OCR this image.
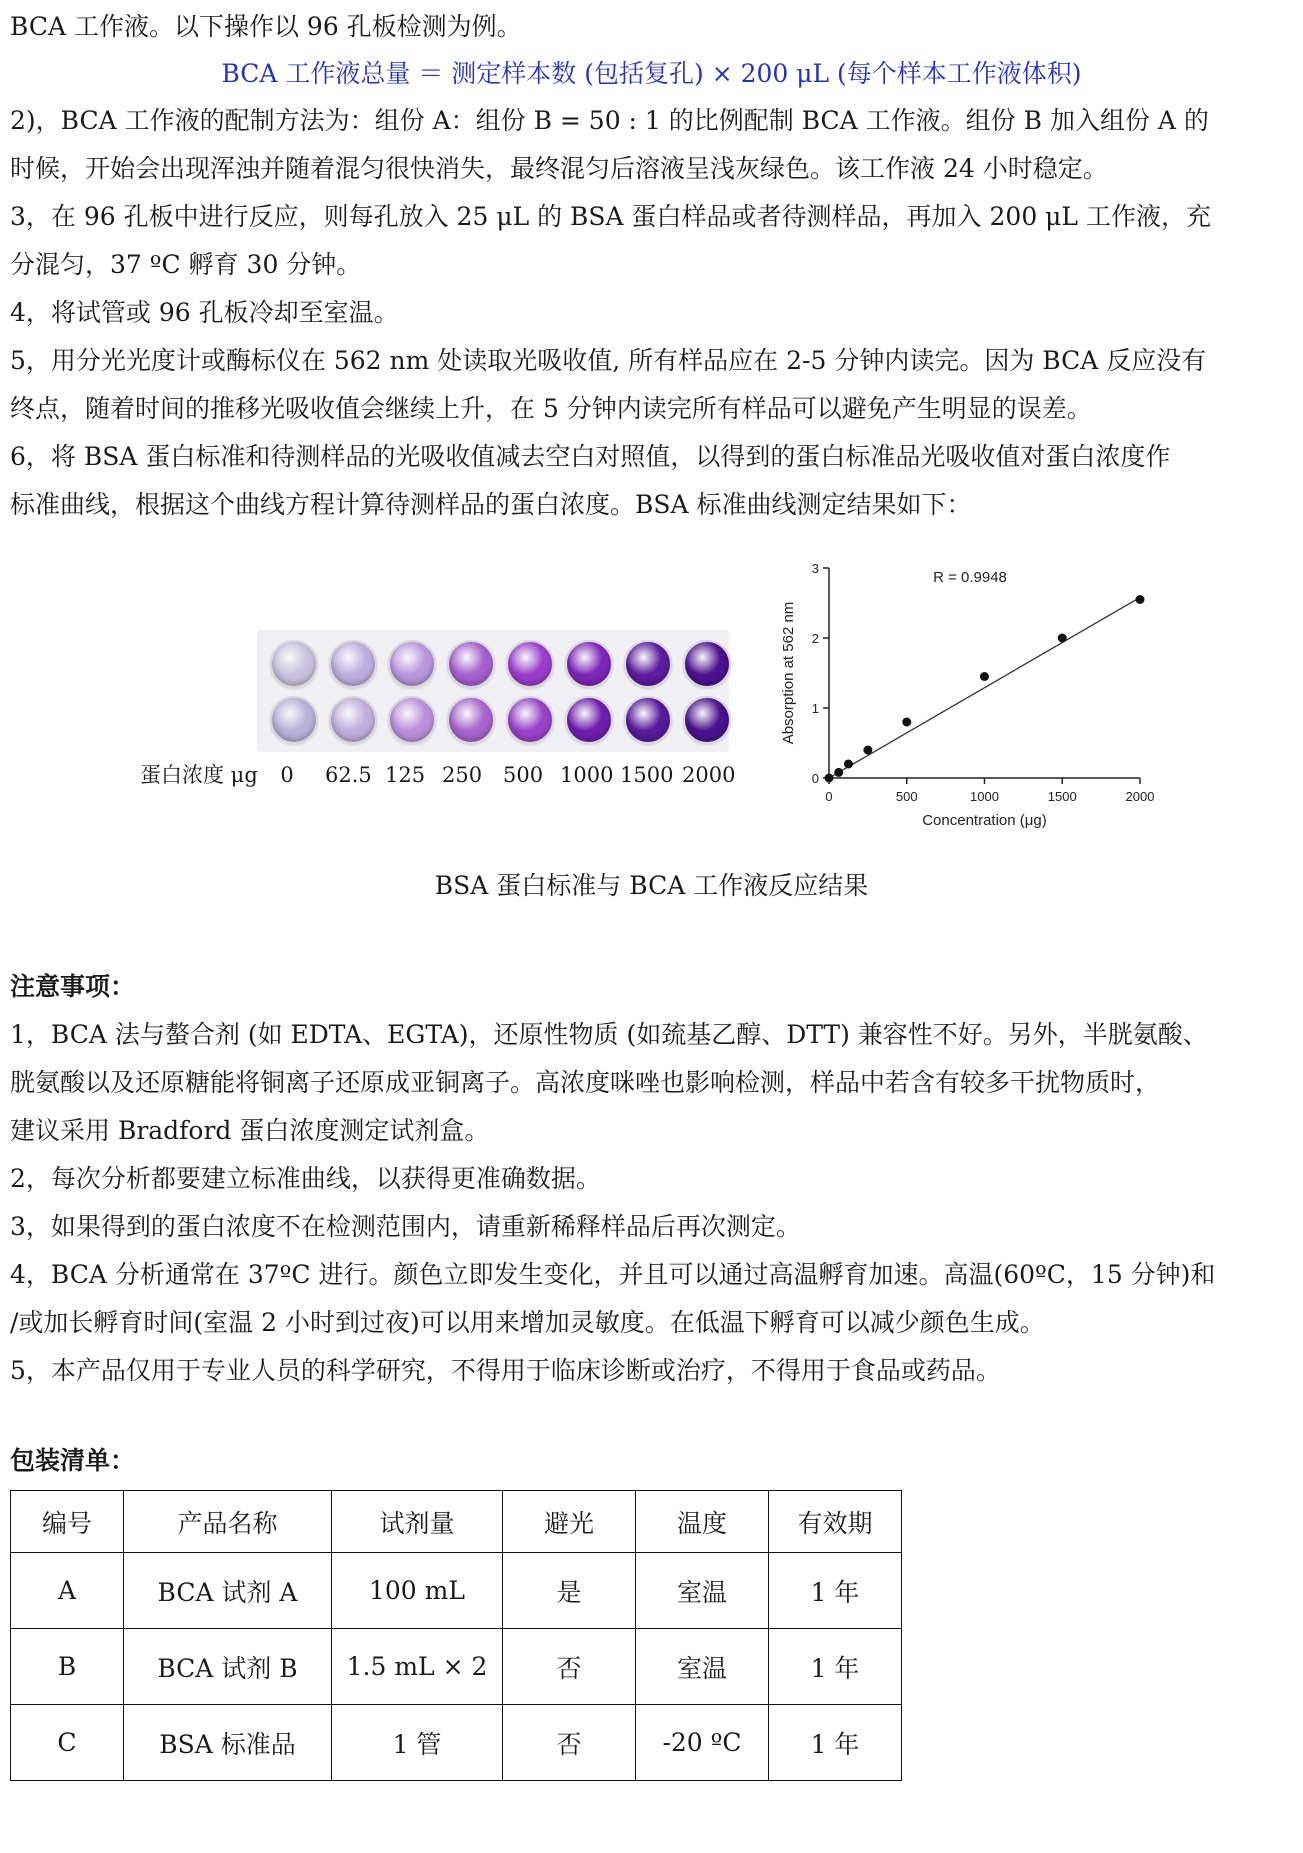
BCA 工作液。以下操作以 96 孔板检测为例。
BCA 工作液总量 ＝ 测定样本数 (包括复孔) × 200 μL (每个样本工作液体积)
2)，BCA 工作液的配制方法为：组份 A：组份 B = 50 : 1 的比例配制 BCA 工作液。组份 B 加入组份 A 的
时候，开始会出现浑浊并随着混匀很快消失，最终混匀后溶液呈浅灰绿色。该工作液 24 小时稳定。
3，在 96 孔板中进行反应，则每孔放入 25 μL 的 BSA 蛋白样品或者待测样品，再加入 200 μL 工作液，充
分混匀，37 ºC 孵育 30 分钟。
4，将试管或 96 孔板冷却至室温。
5，用分光光度计或酶标仪在 562 nm 处读取光吸收值, 所有样品应在 2-5 分钟内读完。因为 BCA 反应没有
终点，随着时间的推移光吸收值会继续上升，在 5 分钟内读完所有样品可以避免产生明显的误差。
6，将 BSA 蛋白标准和待测样品的光吸收值减去空白对照值，以得到的蛋白标准品光吸收值对蛋白浓度作
标准曲线，根据这个曲线方程计算待测样品的蛋白浓度。BSA 标准曲线测定结果如下：
蛋白浓度 μg	0	62.5 125 250 500 1000 1500 2000
0	500	1000	1500	2000
0
1
2
3
Concentration (μg)
Absorption at 562 nm
R = 0.9948
BSA 蛋白标准与 BCA 工作液反应结果
注意事项：
1，BCA 法与螯合剂 (如 EDTA、EGTA)，还原性物质 (如巯基乙醇、DTT) 兼容性不好。另外，半胱氨酸、
胱氨酸以及还原糖能将铜离子还原成亚铜离子。高浓度咪唑也影响检测，样品中若含有较多干扰物质时，
建议采用 Bradford 蛋白浓度测定试剂盒。
2，每次分析都要建立标准曲线，以获得更准确数据。
3，如果得到的蛋白浓度不在检测范围内，请重新稀释样品后再次测定。
4，BCA 分析通常在 37ºC 进行。颜色立即发生变化，并且可以通过高温孵育加速。高温(60ºC，15 分钟)和
/或加长孵育时间(室温 2 小时到过夜)可以用来增加灵敏度。在低温下孵育可以减少颜色生成。
5，本产品仅用于专业人员的科学研究，不得用于临床诊断或治疗，不得用于食品或药品。
包装清单：
编号	产品名称	试剂量	避光	温度	有效期
A	BCA 试剂 A	100 mL	是	室温	1 年
B	BCA 试剂 B	1.5 mL × 2	否	室温	1 年
C	BSA 标准品	1 管	否	-20 ºC	1 年
